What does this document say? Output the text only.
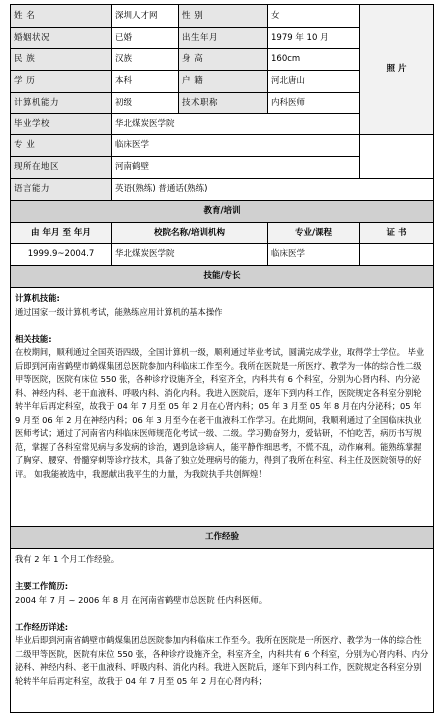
姓 名	深圳人才网	性 别	女	照 片
婚姻状况	已婚	出生年月	1979 年 10 月	
民 族	汉族	身 高	160cm	
学 历	本科	户 籍	河北唐山	
计算机能力	初级	技术职称	内科医师	
毕业学校	华北煤炭医学院			
专 业	临床医学			
现所在地区	河南鹤壁			
语言能力	英语(熟练) 普通话(熟练)			
教育/培训				
由 年月 至 年月	校院名称/培训机构		专业/课程	证 书
1999.9~2004.7	华北煤炭医学院		临床医学	
技能/专长				

计算机技能:

通过国家一级计算机考试，能熟练应用计算机的基本操作

相关技能:

在校期间，顺利通过全国英语四级，全国计算机一级，顺利通过毕业考试，圆满完成学业，取得学士学位。 毕业后即到河南省鹤壁市鹤煤集团总医院参加内科临床工作至今。我所在医院是一所医疗、教学为一体的综合性二级甲等医院，医院有床位 550 张，各种诊疗设施齐全，科室齐全，内科共有 6 个科室，分别为心肾内科、内分泌科、神经内科、老干血液科、呼吸内科、消化内科。我进入医院后，逐年下到内科工作，医院规定各科室分别轮转半年后再定科室，故我于 04 年 7 月至 05 年 2 月在心肾内科；05 年 3 月至 05 年 8 月在内分泌科；05 年 9 月至 06 年 2 月在神经内科；06 年 3 月至今在老干血液科工作学习。在此期间，我顺利通过了全国临床执业医师考试；通过了河南省内科临床医师规范化考试一级、二级。学习勤奋努力，爱钻研，不怕吃苦，病历书写规范，掌握了各科室常见病与多发病的诊治，遇到急诊病人，能平静作细思考，不慌不乱，动作麻利。能熟练掌握了胸穿、腰穿、骨髓穿刺等诊疗技术，具备了独立处理病号的能力，得到了我所在科室、科主任及医院领导的好评。 如我能被选中，我愿献出我平生的力量，为我院执手共创辉煌！				

工作经验				

我有 2 年 1 个月工作经验。

主要工作简历:

2004 年 7 月 ~ 2006 年 8 月 在河南省鹤壁市总医院 任内科医师。

工作经历详述:

毕业后即到河南省鹤壁市鹤煤集团总医院参加内科临床工作至今。我所在医院是一所医疗、教学为一体的综合性二级甲等医院，医院有床位 550 张，各种诊疗设施齐全，科室齐全，内科共有 6 个科室，分别为心肾内科、内分泌科、神经内科、老干血液科、呼吸内科、消化内科。我进入医院后，逐年下到内科工作，医院规定各科室分别轮转半年后再定科室，故我于 04 年 7 月至 05 年 2 月在心肾内科；				
